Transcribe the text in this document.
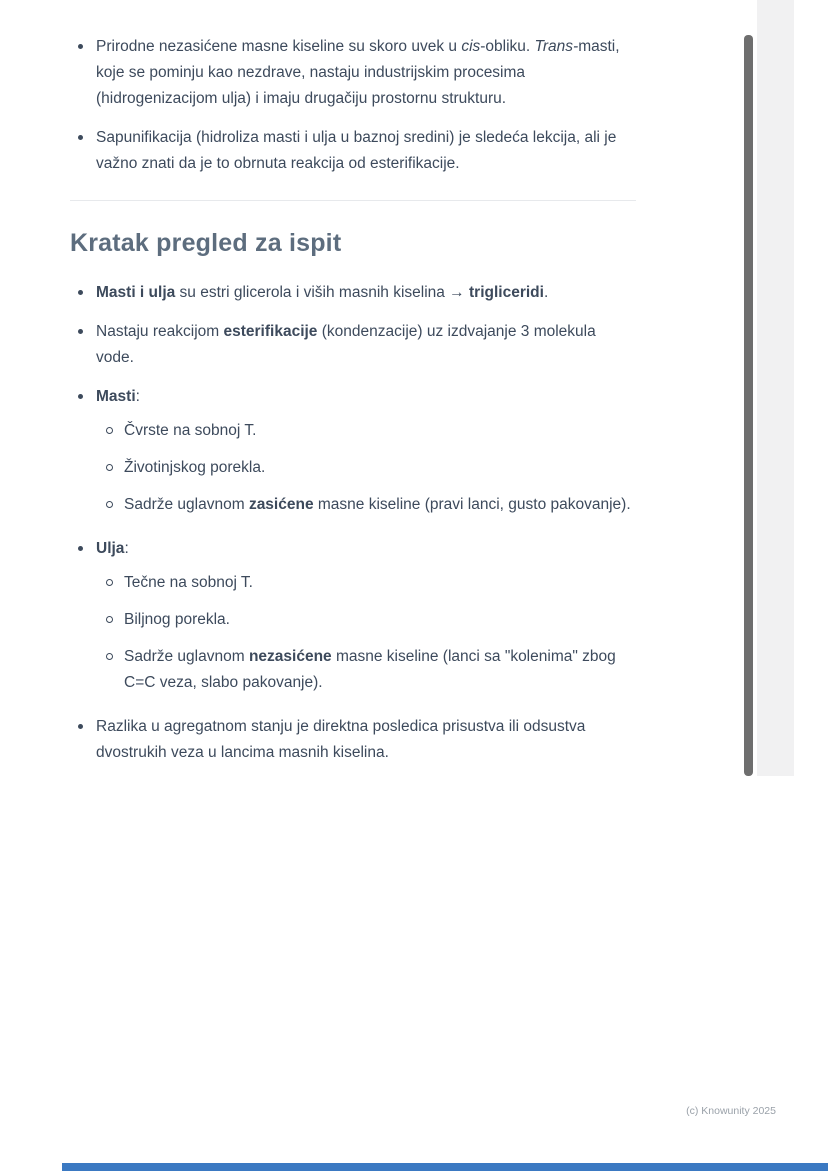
Prirodne nezasićene masne kiseline su skoro uvek u cis-obliku. Trans-masti, koje se pominju kao nezdrave, nastaju industrijskim procesima (hidrogenizacijom ulja) i imaju drugačiju prostornu strukturu.
Sapunifikacija (hidroliza masti i ulja u baznoj sredini) je sledeća lekcija, ali je važno znati da je to obrnuta reakcija od esterifikacije.
Kratak pregled za ispit
Masti i ulja su estri glicerola i viših masnih kiselina → trigliceridi.
Nastaju reakcijom esterifikacije (kondenzacije) uz izdvajanje 3 molekula vode.
Masti:
Čvrste na sobnoj T.
Životinjskog porekla.
Sadrže uglavnom zasićene masne kiseline (pravi lanci, gusto pakovanje).
Ulja:
Tečne na sobnoj T.
Biljnog porekla.
Sadrže uglavnom nezasićene masne kiseline (lanci sa "kolenima" zbog C=C veza, slabo pakovanje).
Razlika u agregatnom stanju je direktna posledica prisustva ili odsustva dvostrukih veza u lancima masnih kiselina.
(c) Knowunity 2025
